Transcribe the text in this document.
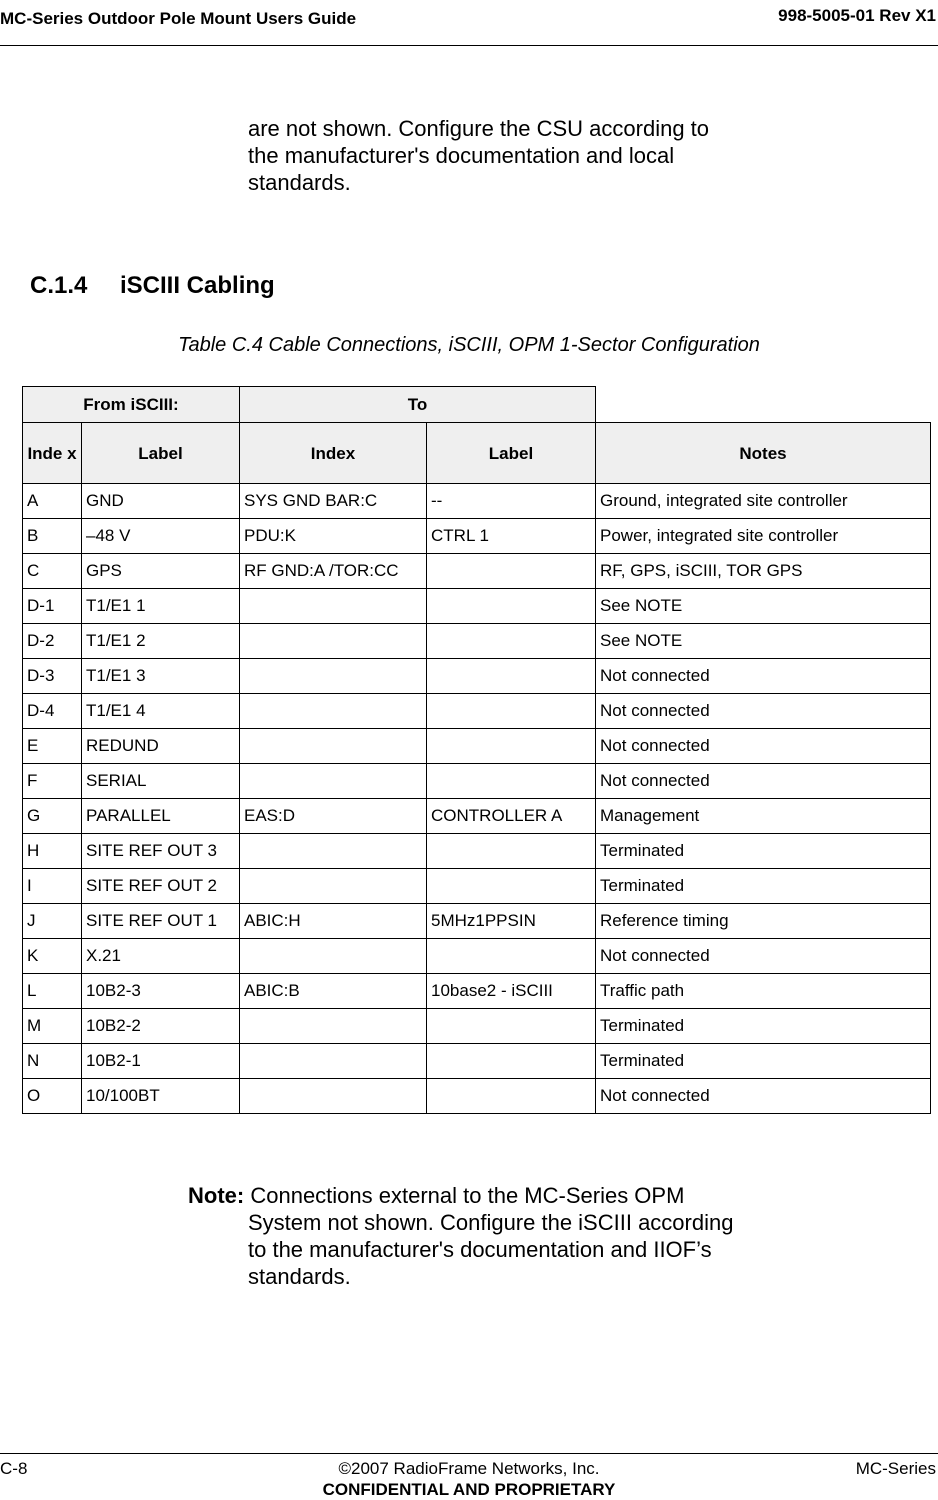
MC-Series Outdoor Pole Mount Users Guide	998-5005-01 Rev X1
are not shown. Configure the CSU according to
the manufacturer's documentation and local
standards.
C.1.4 iSCIII Cabling
Table C.4 Cable Connections, iSCIII, OPM 1-Sector Configuration
From iSCIII:		To		
Inde x	Label	Index	Label	Notes
A	GND	SYS GND BAR:C	--	Ground, integrated site controller
B	–48 V	PDU:K	CTRL 1	Power, integrated site controller
C	GPS	RF GND:A /TOR:CC		RF, GPS, iSCIII, TOR GPS
D-1	T1/E1 1			See NOTE
D-2	T1/E1 2			See NOTE
D-3	T1/E1 3			Not connected
D-4	T1/E1 4			Not connected
E	REDUND			Not connected
F	SERIAL			Not connected
G	PARALLEL	EAS:D	CONTROLLER A	Management
H	SITE REF OUT 3			Terminated
I	SITE REF OUT 2			Terminated
J	SITE REF OUT 1	ABIC:H	5MHz1PPSIN	Reference timing
K	X.21			Not connected
L	10B2-3	ABIC:B	10base2 - iSCIII	Traffic path
M	10B2-2			Terminated
N	10B2-1			Terminated
O	10/100BT			Not connected
Note: Connections external to the MC-Series OPM
System not shown. Configure the iSCIII according
to the manufacturer's documentation and IIOF’s
standards.
C-8	©2007 RadioFrame Networks, Inc.	MC-Series
CONFIDENTIAL AND PROPRIETARY
